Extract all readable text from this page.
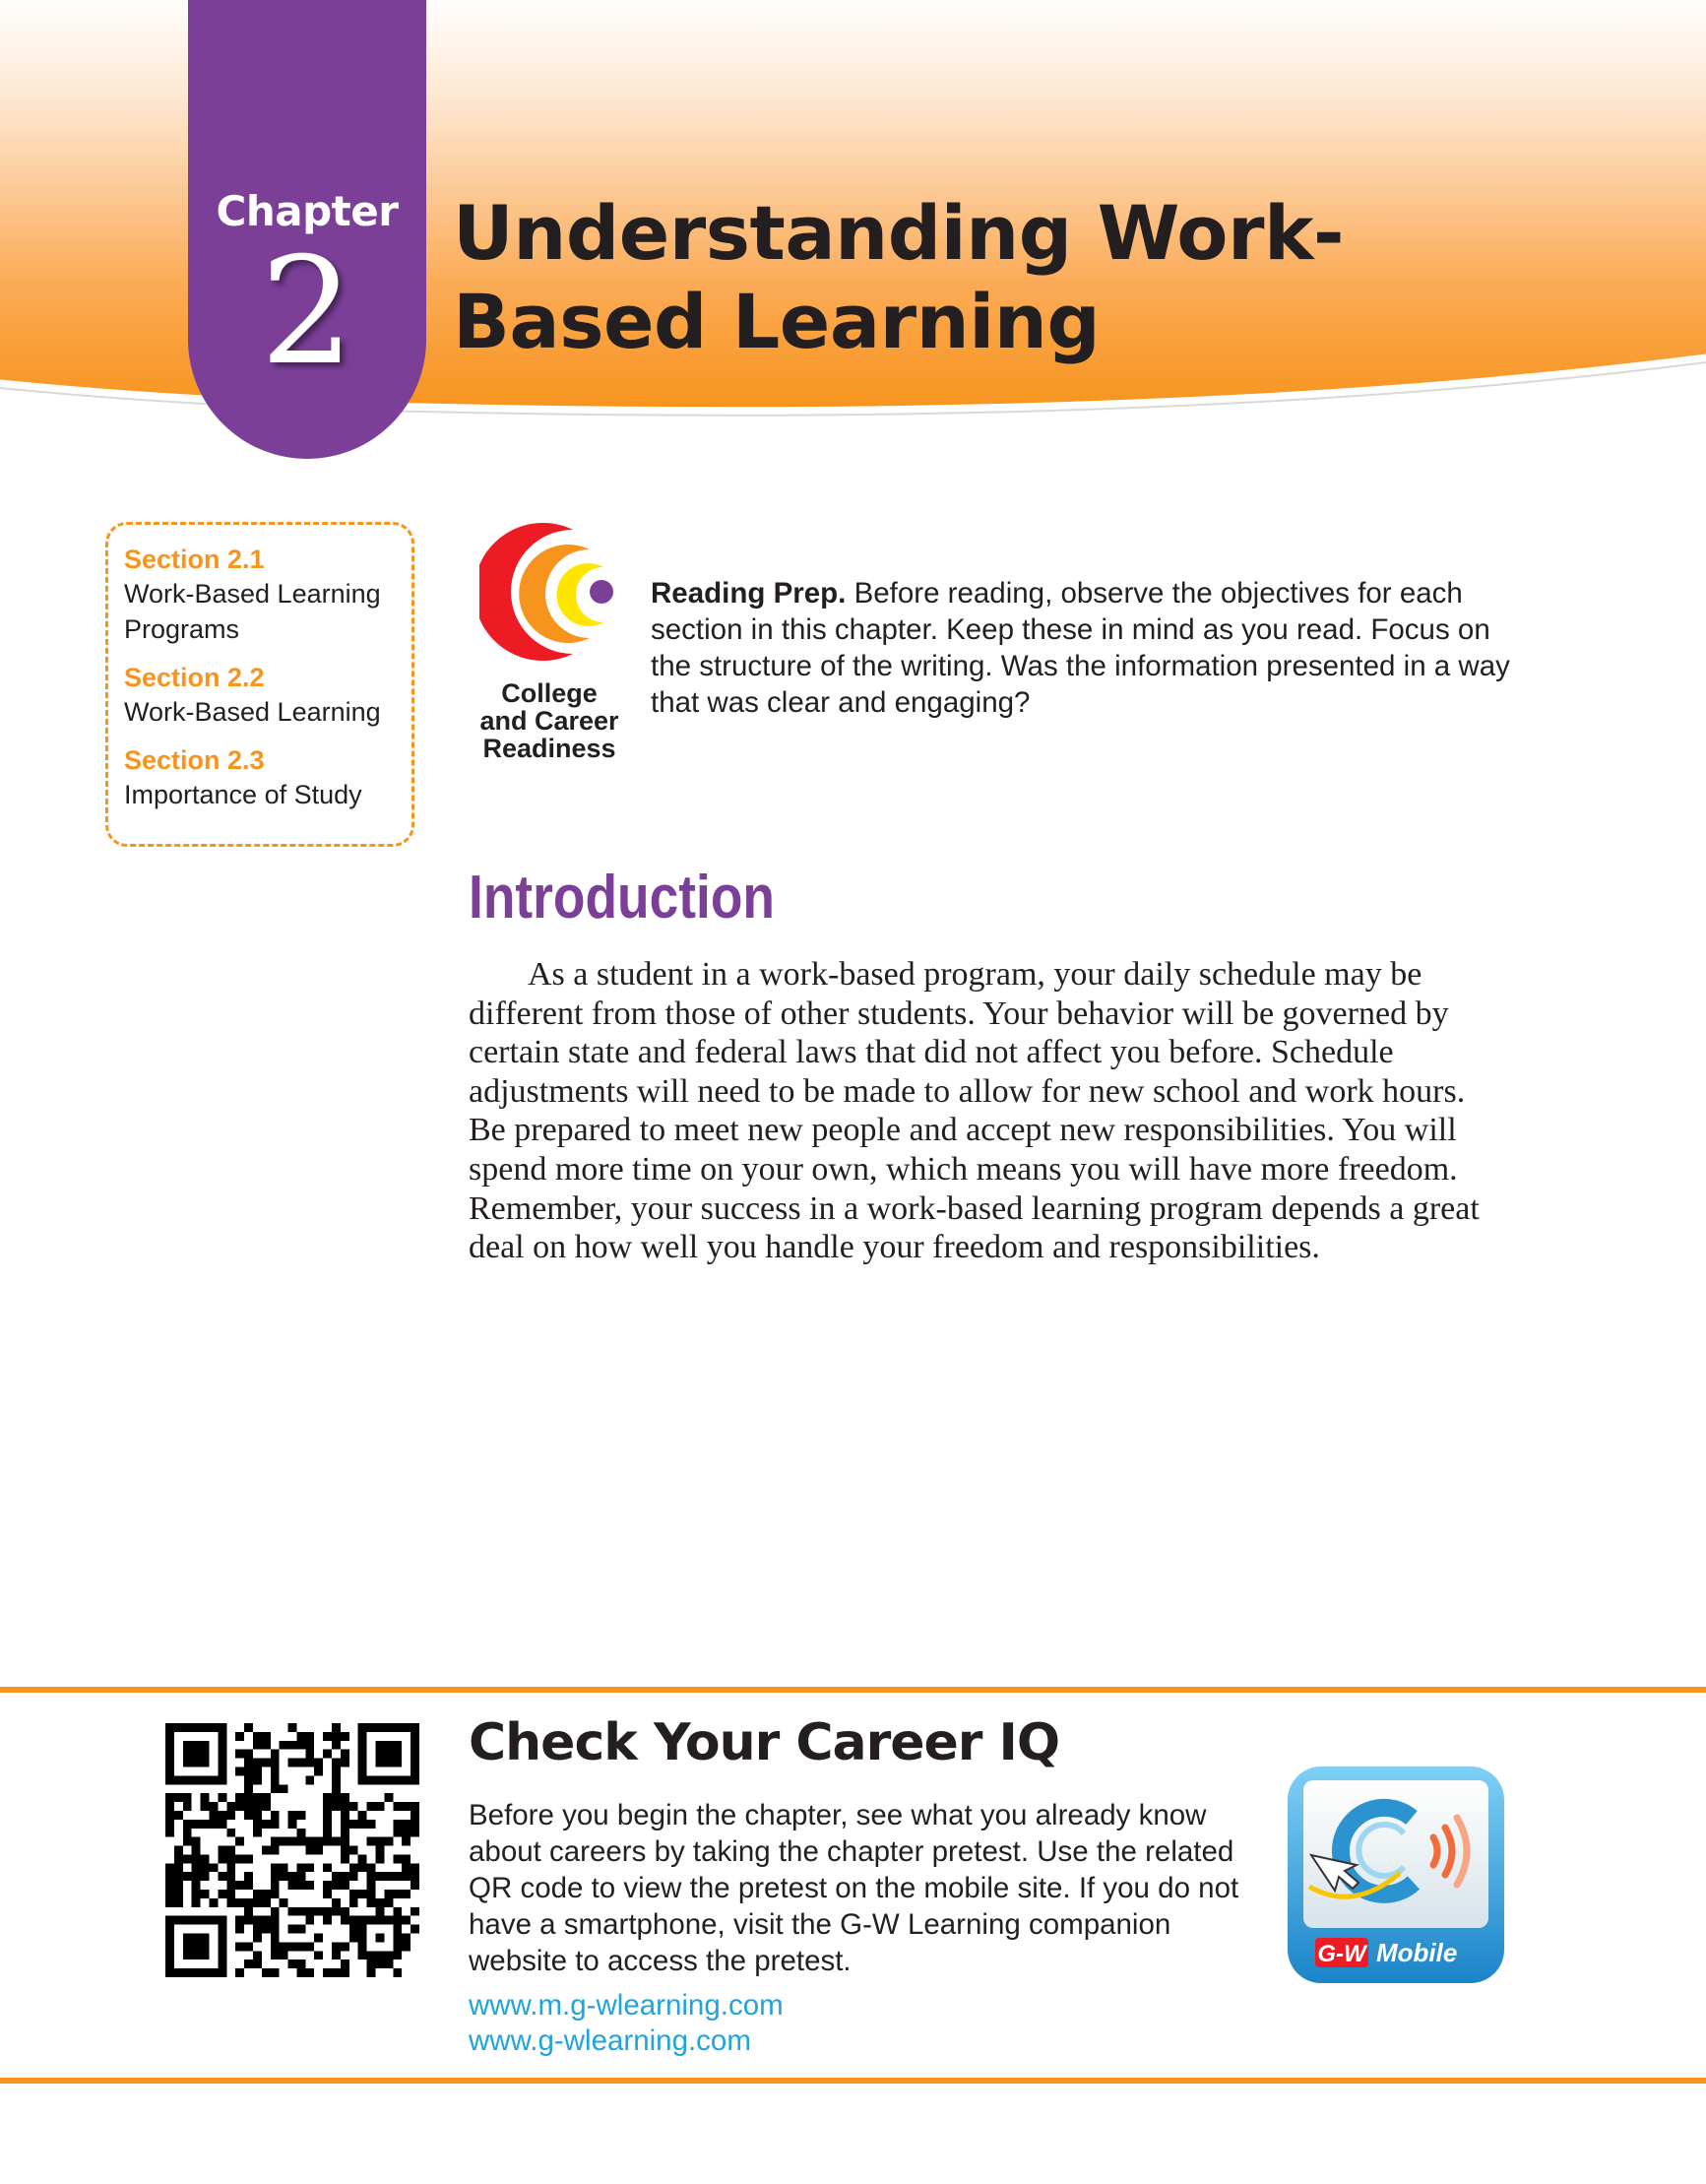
Chapter
2	Understanding Work-Based Learning
Section 2.1
Work-Based Learning Programs
Section 2.2
Work-Based Learning
Section 2.3
Importance of Study
College
and Career
Readiness
Reading Prep. Before reading, observe the objectives for each section in this chapter. Keep these in mind as you read. Focus on the structure of the writing. Was the information presented in a way that was clear and engaging?
Introduction

As a student in a work-based program, your daily schedule may be different from those of other students. Your behavior will be governed by certain state and federal laws that did not affect you before. Schedule adjustments will need to be made to allow for new school and work hours. Be prepared to meet new people and accept new responsibilities. You will spend more time on your own, which means you will have more freedom. Remember, your success in a work-based learning program depends a great deal on how well you handle your freedom and responsibilities.

Check Your Career IQ

Before you begin the chapter, see what you already know about careers by taking the chapter pretest. Use the related QR code to view the pretest on the mobile site. If you do not have a smartphone, visit the G-W Learning companion website to access the pretest.

www.m.g-wlearning.com
www.g-wlearning.com
G-W Mobile
